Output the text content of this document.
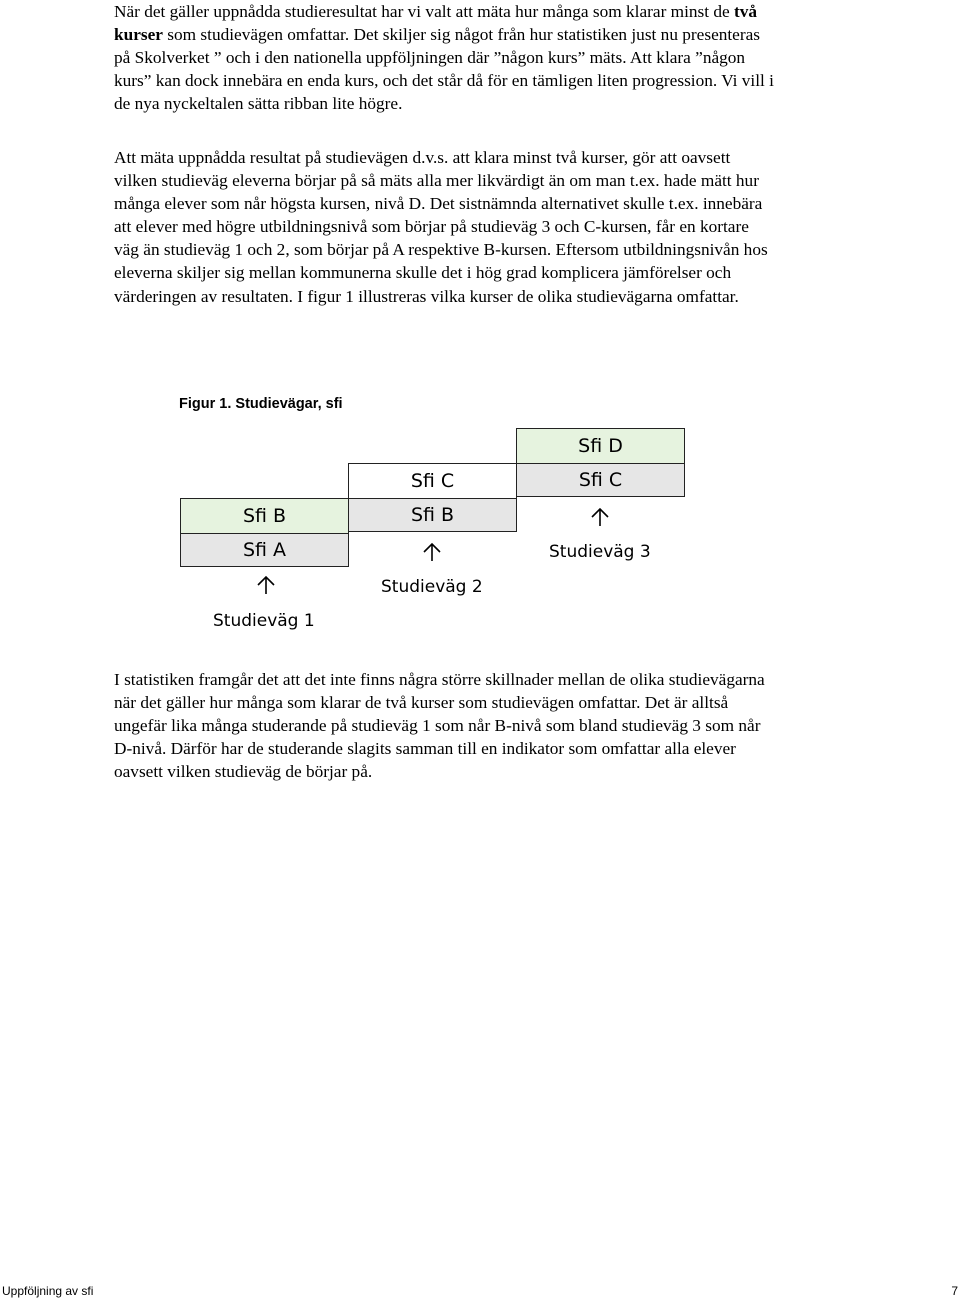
När det gäller uppnådda studieresultat har vi valt att mäta hur många som klarar minst de två kurser som studievägen omfattar. Det skiljer sig något från hur statistiken just nu presenteras på Skolverket ” och i den nationella uppföljningen där ”någon kurs” mäts. Att klara ”någon kurs” kan dock innebära en enda kurs, och det står då för en tämligen liten progression. Vi vill i de nya nyckeltalen sätta ribban lite högre.

Att mäta uppnådda resultat på studievägen d.v.s. att klara minst två kurser, gör att oavsett vilken studieväg eleverna börjar på så mäts alla mer likvärdigt än om man t.ex. hade mätt hur många elever som når högsta kursen, nivå D. Det sistnämnda alternativet skulle t.ex. innebära att elever med högre utbildningsnivå som börjar på studieväg 3 och C-kursen, får en kortare väg än studieväg 1 och 2, som börjar på A respektive B-kursen. Eftersom utbildningsnivån hos eleverna skiljer sig mellan kommunerna skulle det i hög grad komplicera jämförelser och värderingen av resultaten. I figur 1 illustreras vilka kurser de olika studievägarna omfattar.

Figur 1. Studievägar, sfi
Sfi D
Sfi C
Sfi C
Sfi B
Sfi B
Sfi A
Studieväg 1
Studieväg 2
Studieväg 3

I statistiken framgår det att det inte finns några större skillnader mellan de olika studievägarna när det gäller hur många som klarar de två kurser som studievägen omfattar. Det är alltså ungefär lika många studerande på studieväg 1 som når B-nivå som bland studieväg 3 som når D-nivå. Därför har de studerande slagits samman till en indikator som omfattar alla elever oavsett vilken studieväg de börjar på.

Uppföljning av sfi	7
